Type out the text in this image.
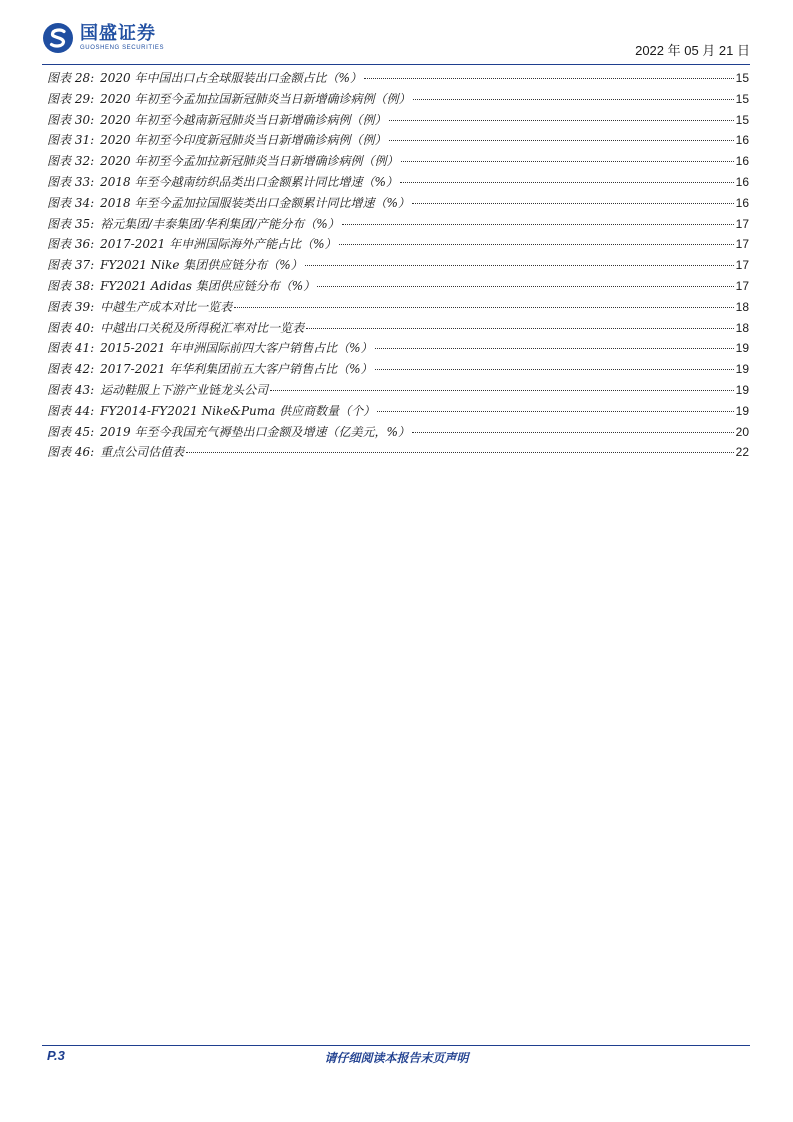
国盛证券
GUOSHENG SECURITIES	2022 年 05 月 21 日
图表 28: 2020 年中国出口占全球服装出口金额占比（%）	15
图表 29: 2020 年初至今孟加拉国新冠肺炎当日新增确诊病例（例）	15
图表 30: 2020 年初至今越南新冠肺炎当日新增确诊病例（例）	15
图表 31: 2020 年初至今印度新冠肺炎当日新增确诊病例（例）	16
图表 32: 2020 年初至今孟加拉新冠肺炎当日新增确诊病例（例）	16
图表 33: 2018 年至今越南纺织品类出口金额累计同比增速（%）	16
图表 34: 2018 年至今孟加拉国服装类出口金额累计同比增速（%）	16
图表 35: 裕元集团/丰泰集团/华利集团/产能分布（%）	17
图表 36: 2017-2021 年申洲国际海外产能占比（%）	17
图表 37: FY2021 Nike 集团供应链分布（%）	17
图表 38: FY2021 Adidas 集团供应链分布（%）	17
图表 39: 中越生产成本对比一览表	18
图表 40: 中越出口关税及所得税汇率对比一览表	18
图表 41: 2015-2021 年申洲国际前四大客户销售占比（%）	19
图表 42: 2017-2021 年华利集团前五大客户销售占比（%）	19
图表 43: 运动鞋服上下游产业链龙头公司	19
图表 44: FY2014-FY2021 Nike&Puma 供应商数量（个）	19
图表 45: 2019 年至今我国充气褥垫出口金额及增速（亿美元，%）	20
图表 46: 重点公司估值表	22
P.3	请仔细阅读本报告末页声明
